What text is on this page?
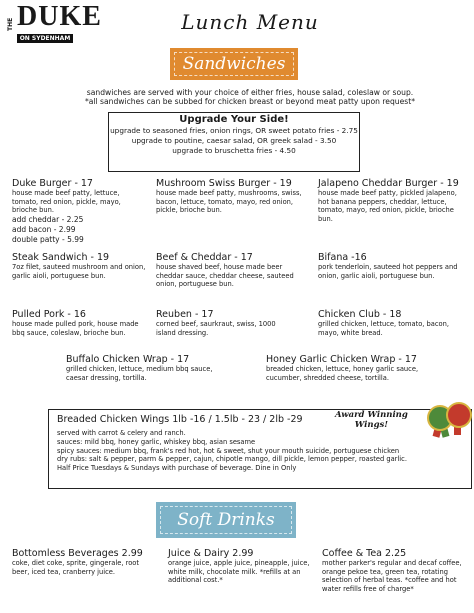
THE DUKE
ON SYDENHAM
Lunch Menu
Sandwiches
sandwiches are served with your choice of either fries, house salad, coleslaw or soup.
*all sandwiches can be subbed for chicken breast or beyond meat patty upon request*
Upgrade Your Side!
upgrade to seasoned fries, onion rings, OR sweet potato fries - 2.75
upgrade to poutine, caesar salad, OR greek salad - 3.50
upgrade to bruschetta fries - 4.50
Duke Burger - 17
house made beef patty, lettuce, tomato, red onion, pickle, mayo, brioche bun.
add cheddar - 2.25
add bacon - 2.99
double patty - 5.99
Mushroom Swiss Burger - 19
house made beef patty, mushrooms, swiss, bacon, lettuce, tomato, mayo, red onion, pickle, brioche bun.
Jalapeno Cheddar Burger - 19
house made beef patty, pickled jalapeno, hot banana peppers, cheddar, lettuce, tomato, mayo, red onion, pickle, brioche bun.
Steak Sandwich - 19
7oz filet, sauteed mushroom and onion, garlic aioli, portuguese bun.
Beef & Cheddar - 17
house shaved beef, house made beer cheddar sauce, cheddar cheese, sauteed onion, portuguese bun.
Bifana -16
pork tenderloin, sauteed hot peppers and onion, garlic aioli, portuguese bun.
Pulled Pork - 16
house made pulled pork, house made bbq sauce, coleslaw, brioche bun.
Reuben - 17
corned beef, saurkraut, swiss, 1000 island dressing.
Chicken Club - 18
grilled chicken, lettuce, tomato, bacon, mayo, white bread.
Buffalo Chicken Wrap - 17
grilled chicken, lettuce, medium bbq sauce, caesar dressing, tortilla.
Honey Garlic Chicken Wrap - 17
breaded chicken, lettuce, honey garlic sauce, cucumber, shredded cheese, tortilla.
Breaded Chicken Wings 1lb -16 / 1.5lb - 23 / 2lb -29
served with carrot & celery and ranch.
sauces: mild bbq, honey garlic, whiskey bbq, asian sesame
spicy sauces: medium bbq, frank's red hot, hot & sweet, shut your mouth suicide, portuguese chicken
dry rubs: salt & pepper, parm & pepper, cajun, chipotle mango, dill pickle, lemon pepper, roasted garlic.
Half Price Tuesdays & Sundays with purchase of beverage. Dine in Only
Award Winning
Wings!
Soft Drinks
Bottomless Beverages 2.99
coke, diet coke, sprite, gingerale, root beer, iced tea, cranberry juice.
Juice & Dairy 2.99
orange juice, apple juice, pineapple, juice, white milk, chocolate milk. *refills at an additional cost.*
Coffee & Tea 2.25
mother parker's regular and decaf coffee, orange pekoe tea, green tea, rotating selection of herbal teas. *coffee and hot water refills free of charge*
